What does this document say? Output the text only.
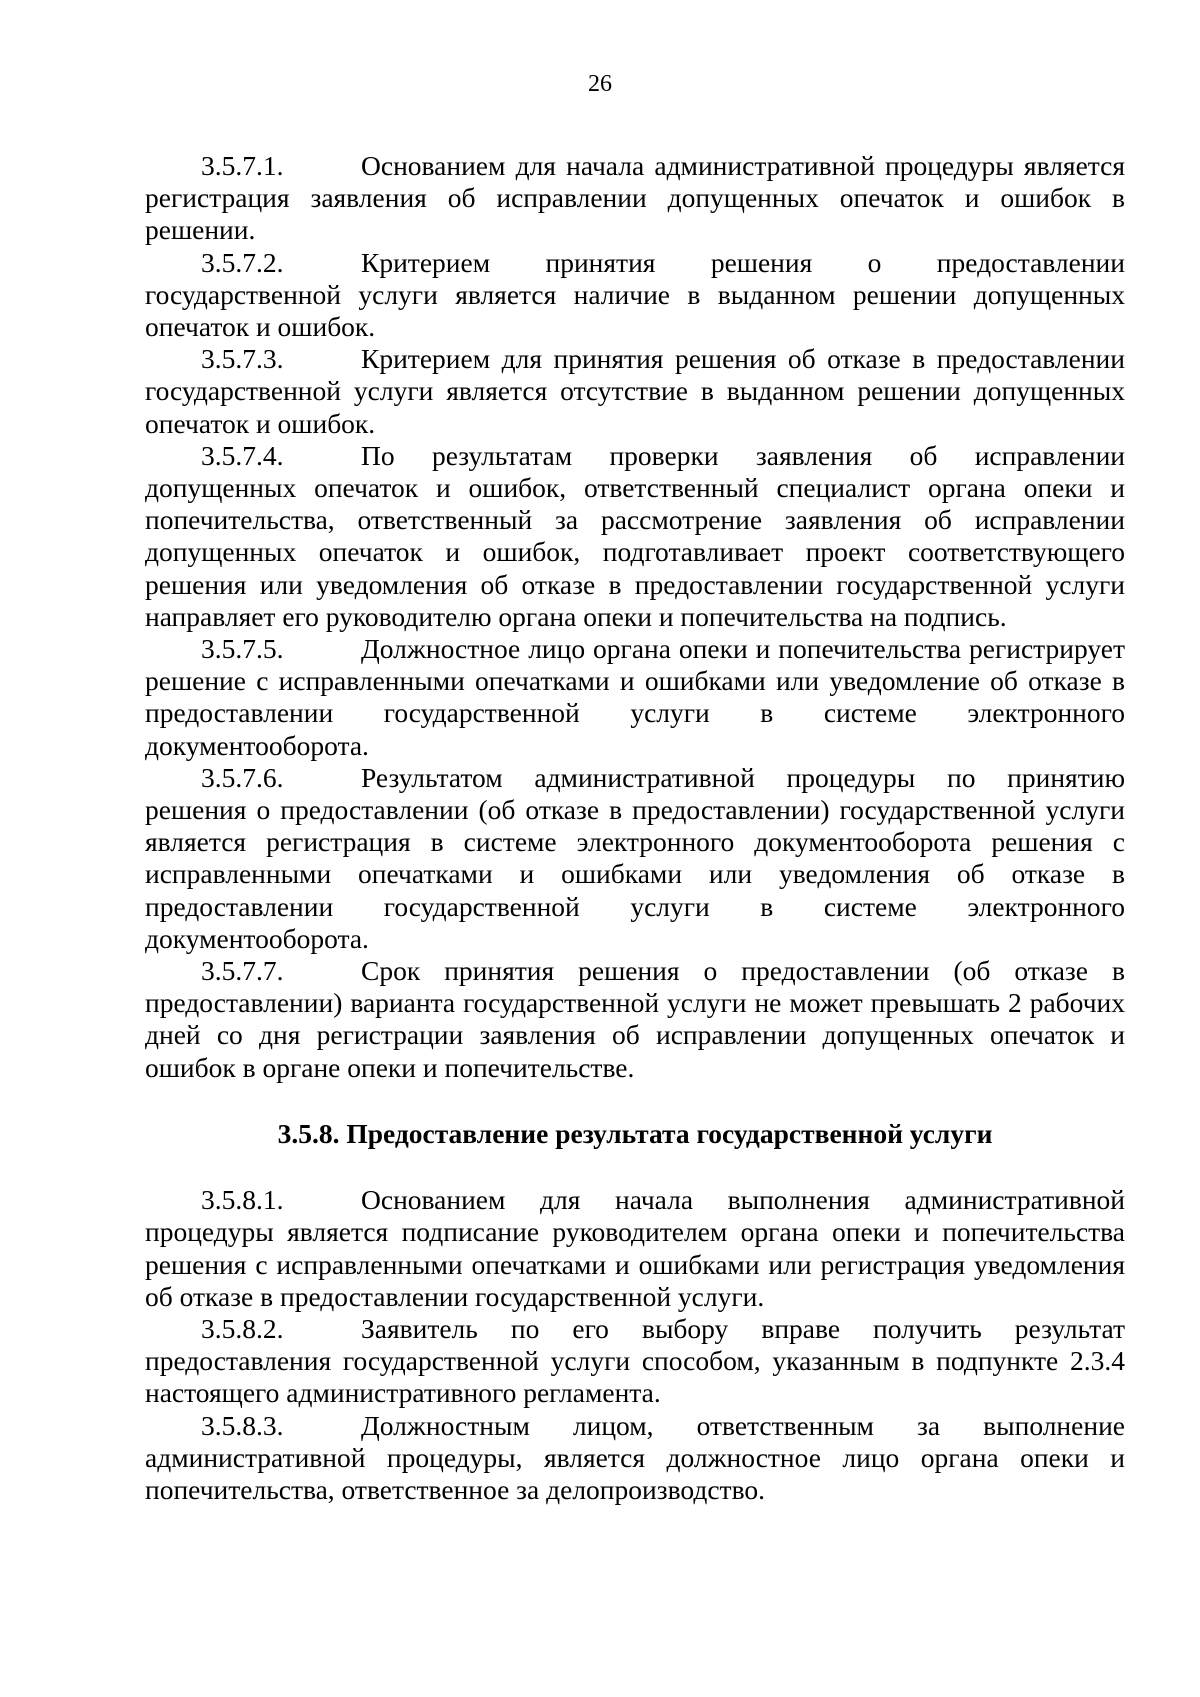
26

3.5.7.1.	Основанием для начала административной процедуры является регистрация заявления об исправлении допущенных опечаток и ошибок в решении.

3.5.7.2.	Критерием принятия решения о предоставлении государственной услуги является наличие в выданном решении допущенных опечаток и ошибок.

3.5.7.3.	Критерием для принятия решения об отказе в предоставлении государственной услуги является отсутствие в выданном решении допущенных опечаток и ошибок.

3.5.7.4.	По результатам проверки заявления об исправлении допущенных опечаток и ошибок, ответственный специалист органа опеки и попечительства, ответственный за рассмотрение заявления об исправлении допущенных опечаток и ошибок, подготавливает проект соответствующего решения или уведомления об отказе в предоставлении государственной услуги направляет его руководителю органа опеки и попечительства на подпись.

3.5.7.5.	Должностное лицо органа опеки и попечительства регистрирует решение с исправленными опечатками и ошибками или уведомление об отказе в предоставлении государственной услуги в системе электронного документооборота.

3.5.7.6.	Результатом административной процедуры по принятию решения о предоставлении (об отказе в предоставлении) государственной услуги является регистрация в системе электронного документооборота решения с исправленными опечатками и ошибками или уведомления об отказе в предоставлении государственной услуги в системе электронного документооборота.

3.5.7.7.	Срок принятия решения о предоставлении (об отказе в предоставлении) варианта государственной услуги не может превышать 2 рабочих дней со дня регистрации заявления об исправлении допущенных опечаток и ошибок в органе опеки и попечительстве.

3.5.8. Предоставление результата государственной услуги

3.5.8.1.	Основанием для начала выполнения административной процедуры является подписание руководителем органа опеки и попечительства решения с исправленными опечатками и ошибками или регистрация уведомления об отказе в предоставлении государственной услуги.

3.5.8.2.	Заявитель по его выбору вправе получить результат предоставления государственной услуги способом, указанным в подпункте 2.3.4 настоящего административного регламента.

3.5.8.3.	Должностным лицом, ответственным за выполнение административной процедуры, является должностное лицо органа опеки и попечительства, ответственное за делопроизводство.
